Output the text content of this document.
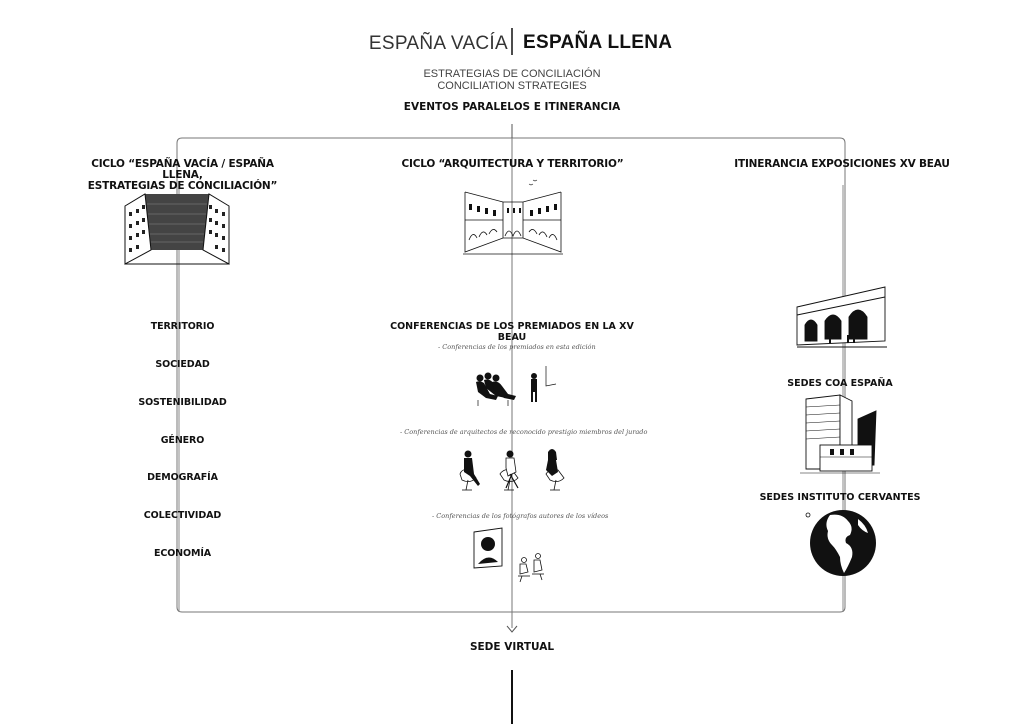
ESPAÑA VACÍA ESPAÑA LLENA
ESTRATEGIAS DE CONCILIACIÓN
CONCILIATION STRATEGIES
EVENTOS PARALELOS E ITINERANCIA
CICLO “ESPAÑA VACÍA / ESPAÑA LLENA,
ESTRATEGIAS DE CONCILIACIÓN”
CICLO “ARQUITECTURA Y TERRITORIO”	ITINERANCIA EXPOSICIONES XV BEAU
SEDES COA ESPAÑA
SEDES INSTITUTO CERVANTES
TERRITORIO
SOCIEDAD
SOSTENIBILIDAD
GÉNERO
DEMOGRAFÍA
COLECTIVIDAD
ECONOMÍA
CONFERENCIAS DE LOS PREMIADOS EN LA XV BEAU
- Conferencias de los premiados en esta edición
- Conferencias de arquitectos de reconocido prestigio miembros del jurado
- Conferencias de los fotógrafos autores de los vídeos
SEDE VIRTUAL
